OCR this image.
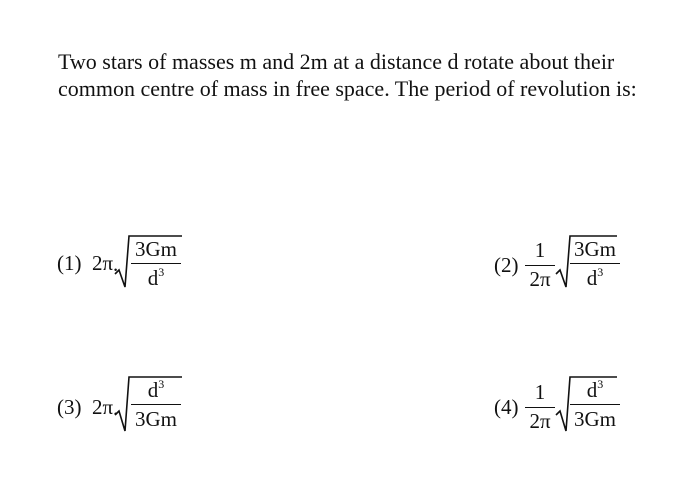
Two stars of masses m and 2m at a distance d rotate about their
common centre of mass in free space. The period of revolution is:
(1) 2π .
3Gm
$d^3$	(2)
1
2π
3Gm
$d^3$
(3) 2π .
$d^3$
3Gm	(4)
1
2π
$d^3$
3Gm
